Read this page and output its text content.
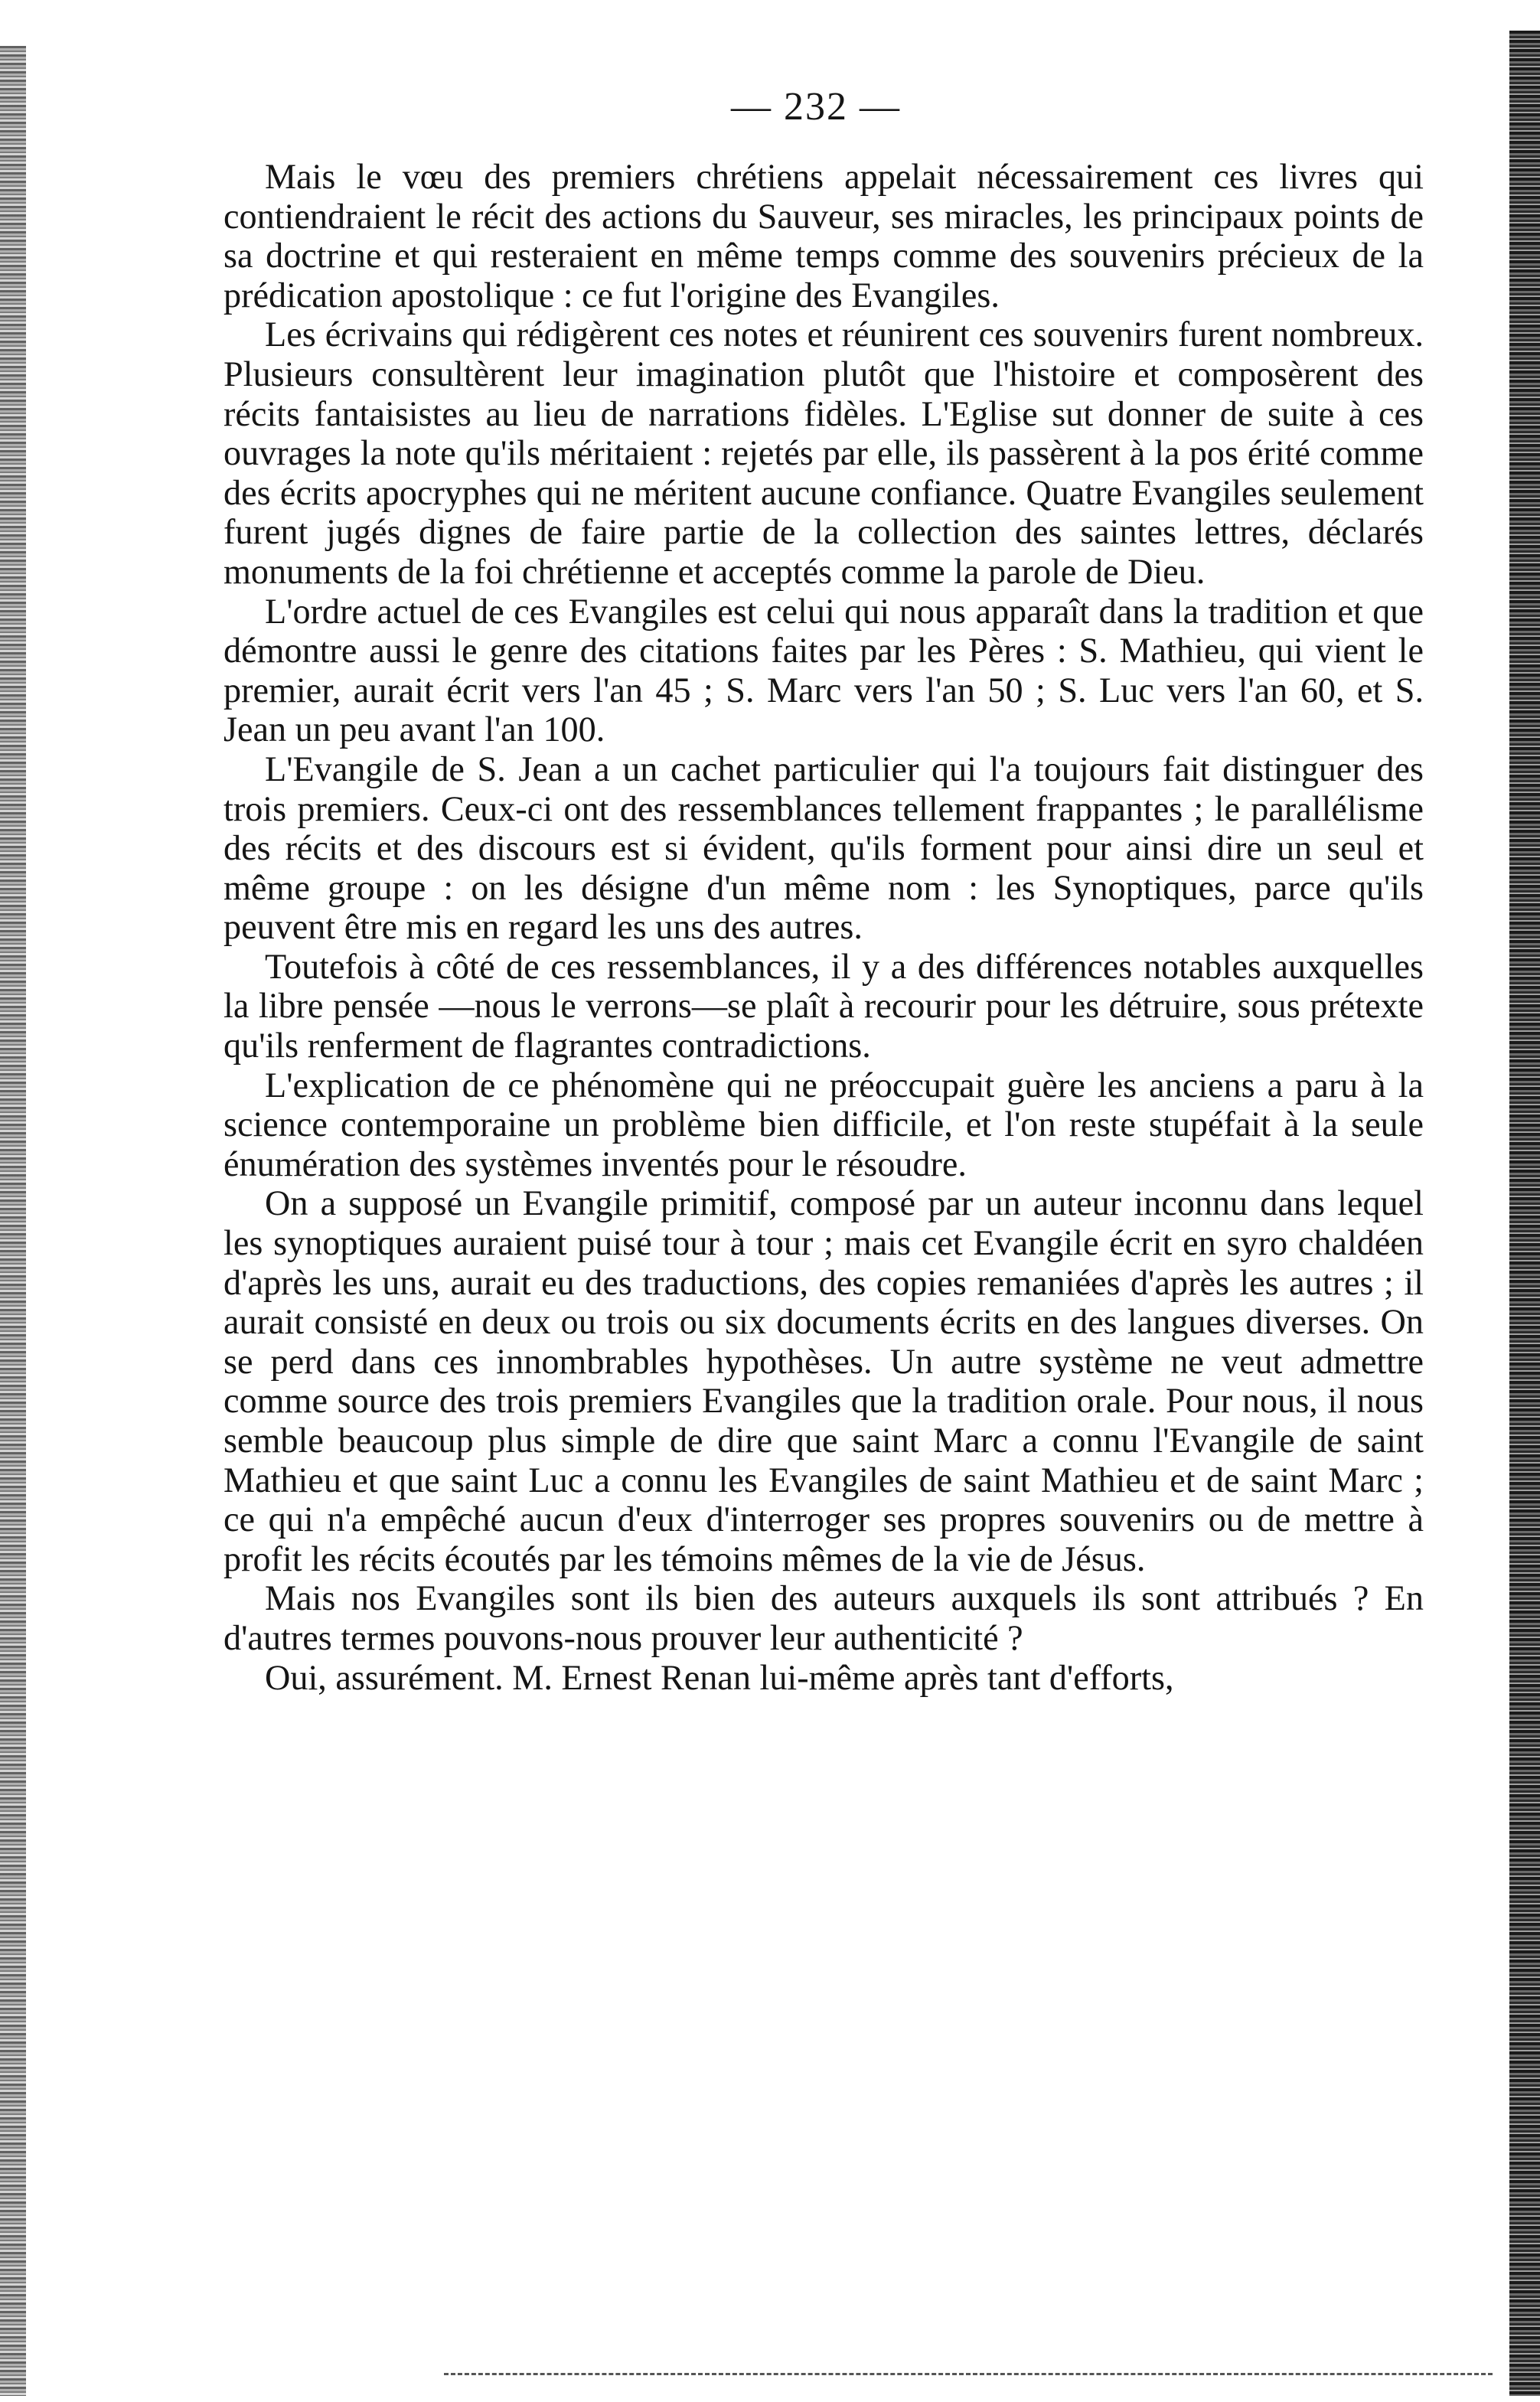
— 232 —

Mais le vœu des premiers chrétiens appelait nécessairement ces livres qui contiendraient le récit des actions du Sauveur, ses miracles, les principaux points de sa doctrine et qui resteraient en même temps comme des souvenirs précieux de la prédication apostolique : ce fut l'origine des Evangiles.

Les écrivains qui rédigèrent ces notes et réunirent ces souvenirs furent nombreux. Plusieurs consultèrent leur imagination plutôt que l'histoire et composèrent des récits fantaisistes au lieu de narrations fidèles. L'Eglise sut donner de suite à ces ouvrages la note qu'ils méritaient : rejetés par elle, ils passèrent à la pos érité comme des écrits apocryphes qui ne méritent aucune confiance. Quatre Evangiles seulement furent jugés dignes de faire partie de la collection des saintes lettres, déclarés monuments de la foi chrétienne et acceptés comme la parole de Dieu.

L'ordre actuel de ces Evangiles est celui qui nous apparaît dans la tradition et que démontre aussi le genre des citations faites par les Pères : S. Mathieu, qui vient le premier, aurait écrit vers l'an 45 ; S. Marc vers l'an 50 ; S. Luc vers l'an 60, et S. Jean un peu avant l'an 100.

L'Evangile de S. Jean a un cachet particulier qui l'a toujours fait distinguer des trois premiers. Ceux-ci ont des ressemblances tellement frappantes ; le parallélisme des récits et des discours est si évident, qu'ils forment pour ainsi dire un seul et même groupe : on les désigne d'un même nom : les Synoptiques, parce qu'ils peuvent être mis en regard les uns des autres.

Toutefois à côté de ces ressemblances, il y a des différences notables auxquelles la libre pensée —nous le verrons—se plaît à recourir pour les détruire, sous prétexte qu'ils renferment de flagrantes contradictions.

L'explication de ce phénomène qui ne préoccupait guère les anciens a paru à la science contemporaine un problème bien difficile, et l'on reste stupéfait à la seule énumération des systèmes inventés pour le résoudre.

On a supposé un Evangile primitif, composé par un auteur inconnu dans lequel les synoptiques auraient puisé tour à tour ; mais cet Evangile écrit en syro chaldéen d'après les uns, aurait eu des traductions, des copies remaniées d'après les autres ; il aurait consisté en deux ou trois ou six documents écrits en des langues diverses. On se perd dans ces innombrables hypothèses. Un autre système ne veut admettre comme source des trois premiers Evangiles que la tradition orale. Pour nous, il nous semble beaucoup plus simple de dire que saint Marc a connu l'Evangile de saint Mathieu et que saint Luc a connu les Evangiles de saint Mathieu et de saint Marc ; ce qui n'a empêché aucun d'eux d'interroger ses propres souvenirs ou de mettre à profit les récits écoutés par les témoins mêmes de la vie de Jésus.

Mais nos Evangiles sont ils bien des auteurs auxquels ils sont attribués ? En d'autres termes pouvons-nous prouver leur authenticité ?

Oui, assurément. M. Ernest Renan lui-même après tant d'efforts,
